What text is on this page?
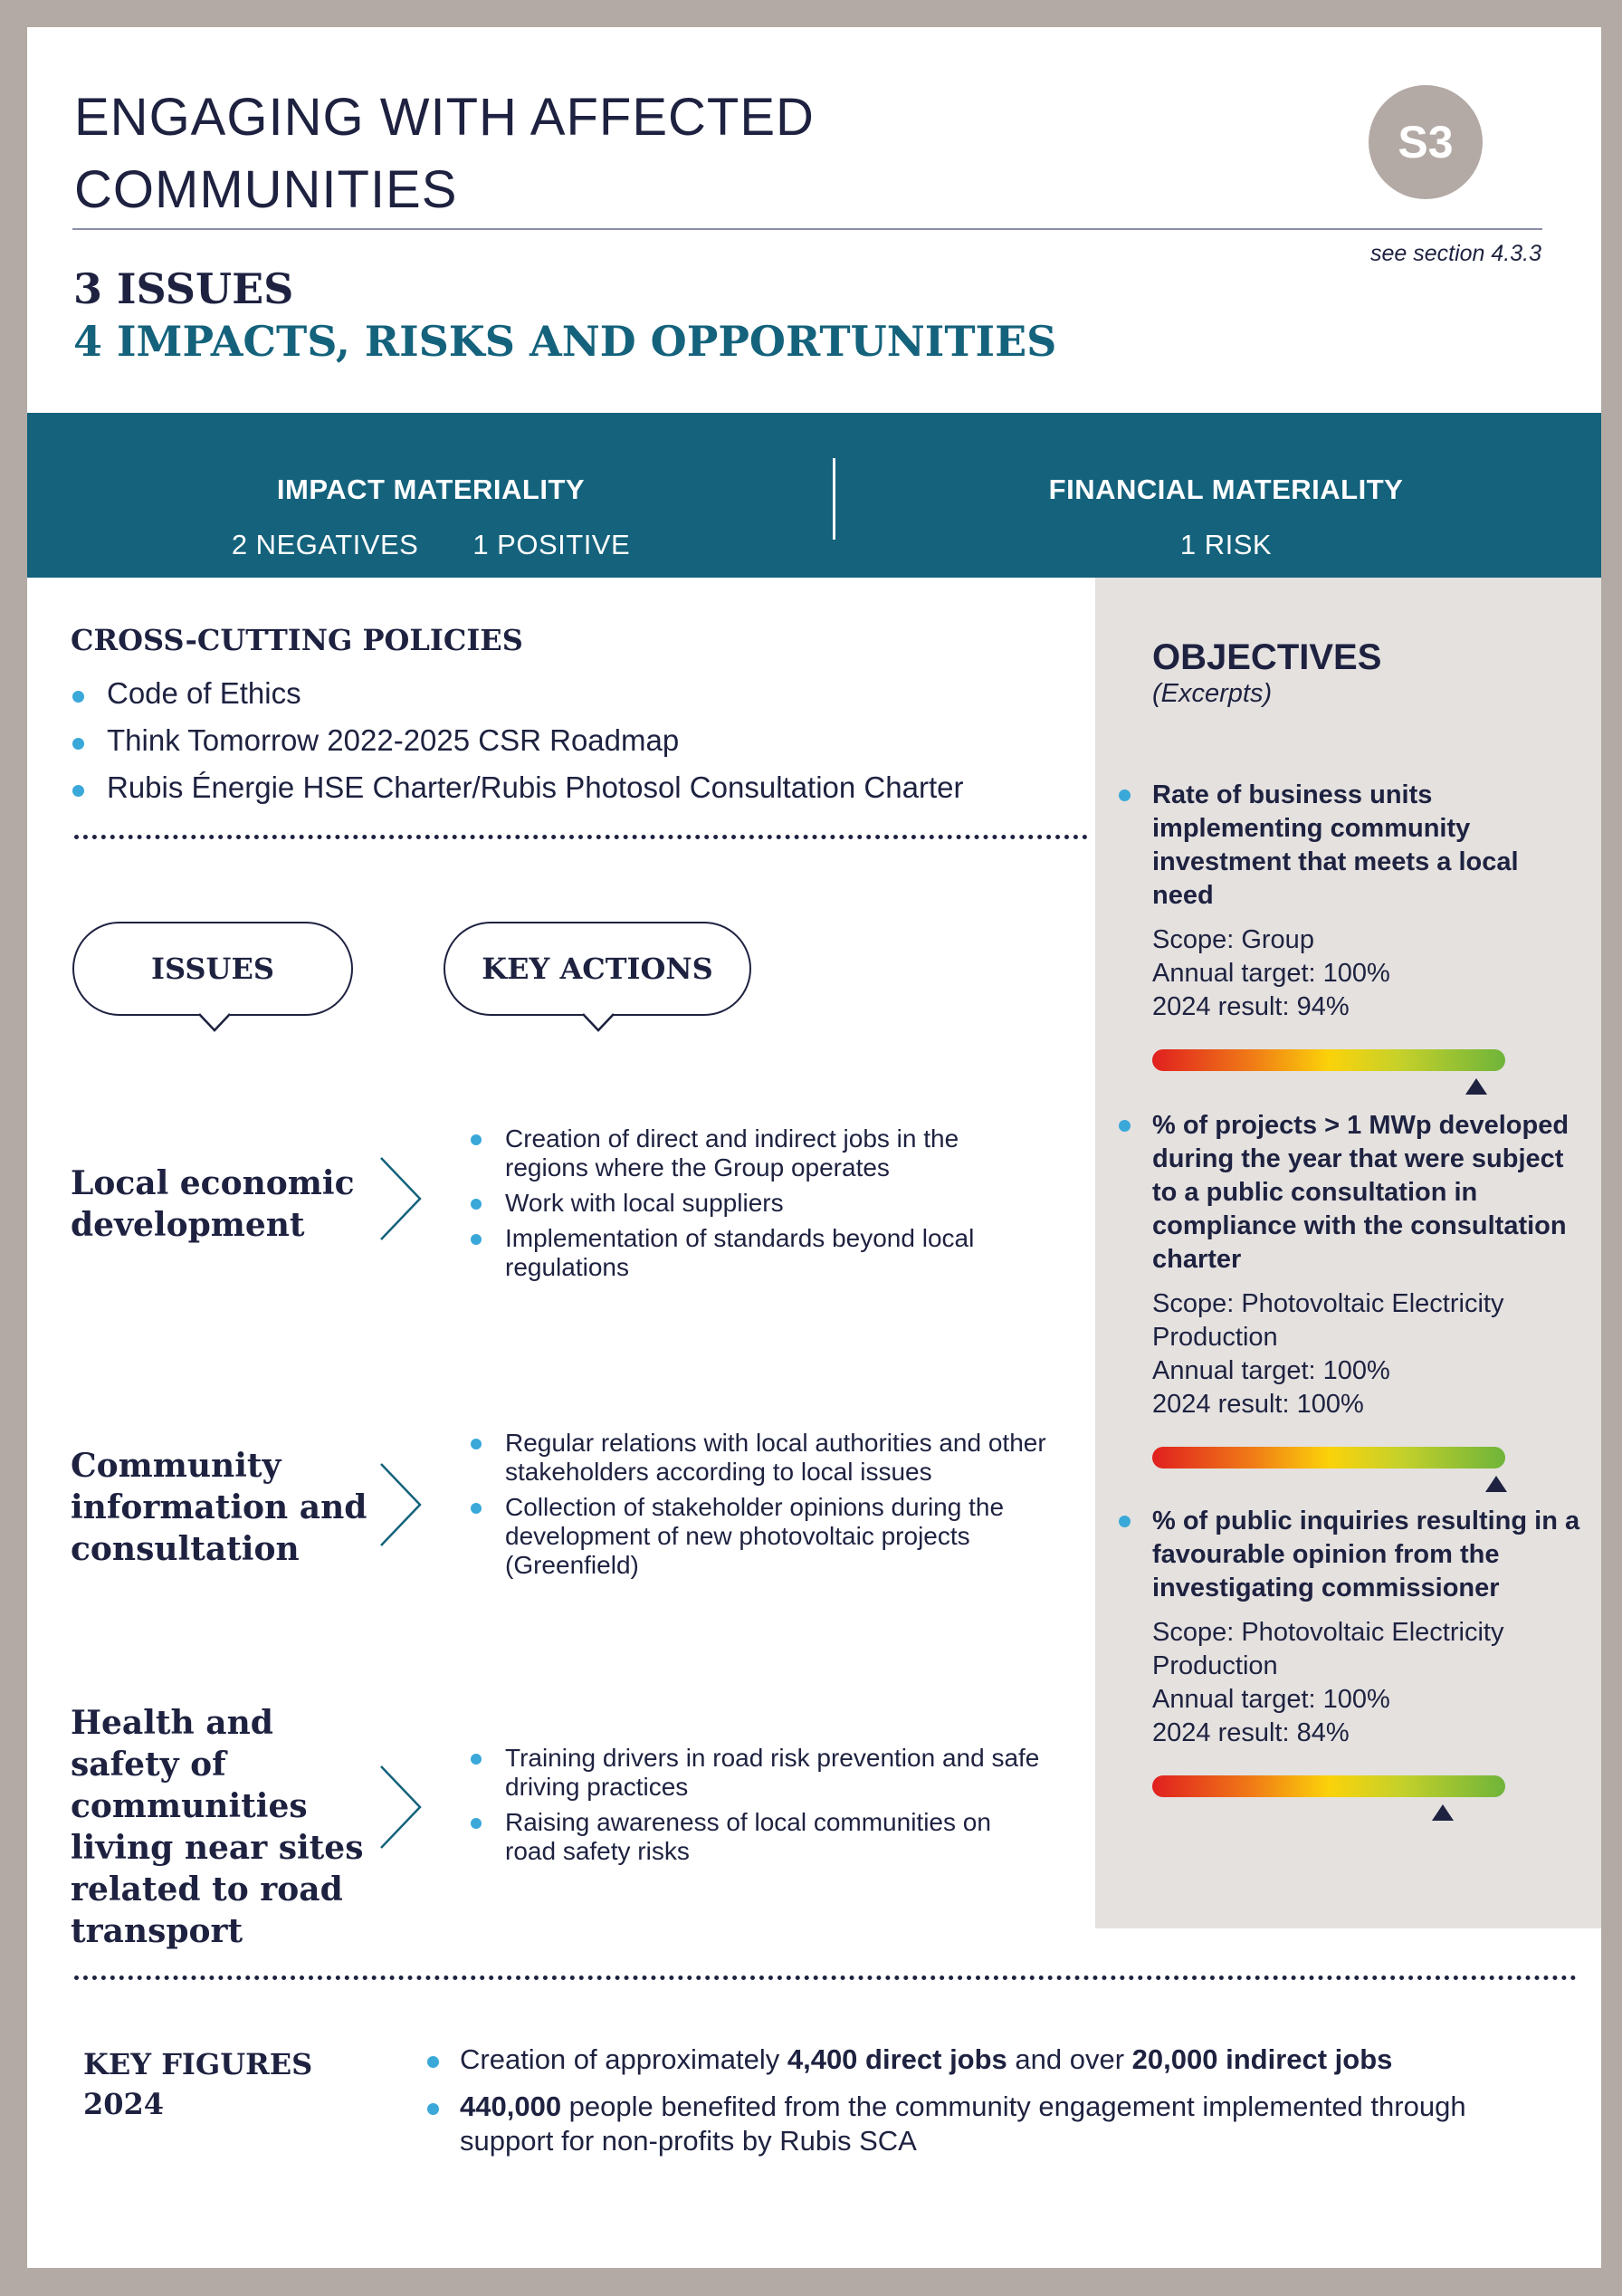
ENGAGING WITH AFFECTED
COMMUNITIES
S3
see section 4.3.3
3 ISSUES
4 IMPACTS, RISKS AND OPPORTUNITIES
IMPACT MATERIALITY
2 NEGATIVES 1 POSITIVE
FINANCIAL MATERIALITY
1 RISK
OBJECTIVES
(Excerpts)
Rate of business units implementing community investment that meets a local need
Scope: Group
Annual target: 100%
2024 result: 94%
% of projects > 1 MWp developed during the year that were subject to a public consultation in compliance with the consultation charter
Scope: Photovoltaic Electricity Production
Annual target: 100%
2024 result: 100%
% of public inquiries resulting in a favourable opinion from the investigating commissioner
Scope: Photovoltaic Electricity Production
Annual target: 100%
2024 result: 84%
CROSS-CUTTING POLICIES
Code of Ethics
Think Tomorrow 2022-2025 CSR Roadmap
Rubis Énergie HSE Charter/Rubis Photosol Consultation Charter
ISSUES	KEY ACTIONS
Local economic development
Creation of direct and indirect jobs in the regions where the Group operates
Work with local suppliers
Implementation of standards beyond local regulations
Community information and consultation
Regular relations with local authorities and other stakeholders according to local issues
Collection of stakeholder opinions during the development of new photovoltaic projects (Greenfield)
Health and safety of communities living near sites related to road transport
Training drivers in road risk prevention and safe driving practices
Raising awareness of local communities on road safety risks
KEY FIGURES
2024
Creation of approximately 4,400 direct jobs and over 20,000 indirect jobs
440,000 people benefited from the community engagement implemented through support for non-profits by Rubis SCA
